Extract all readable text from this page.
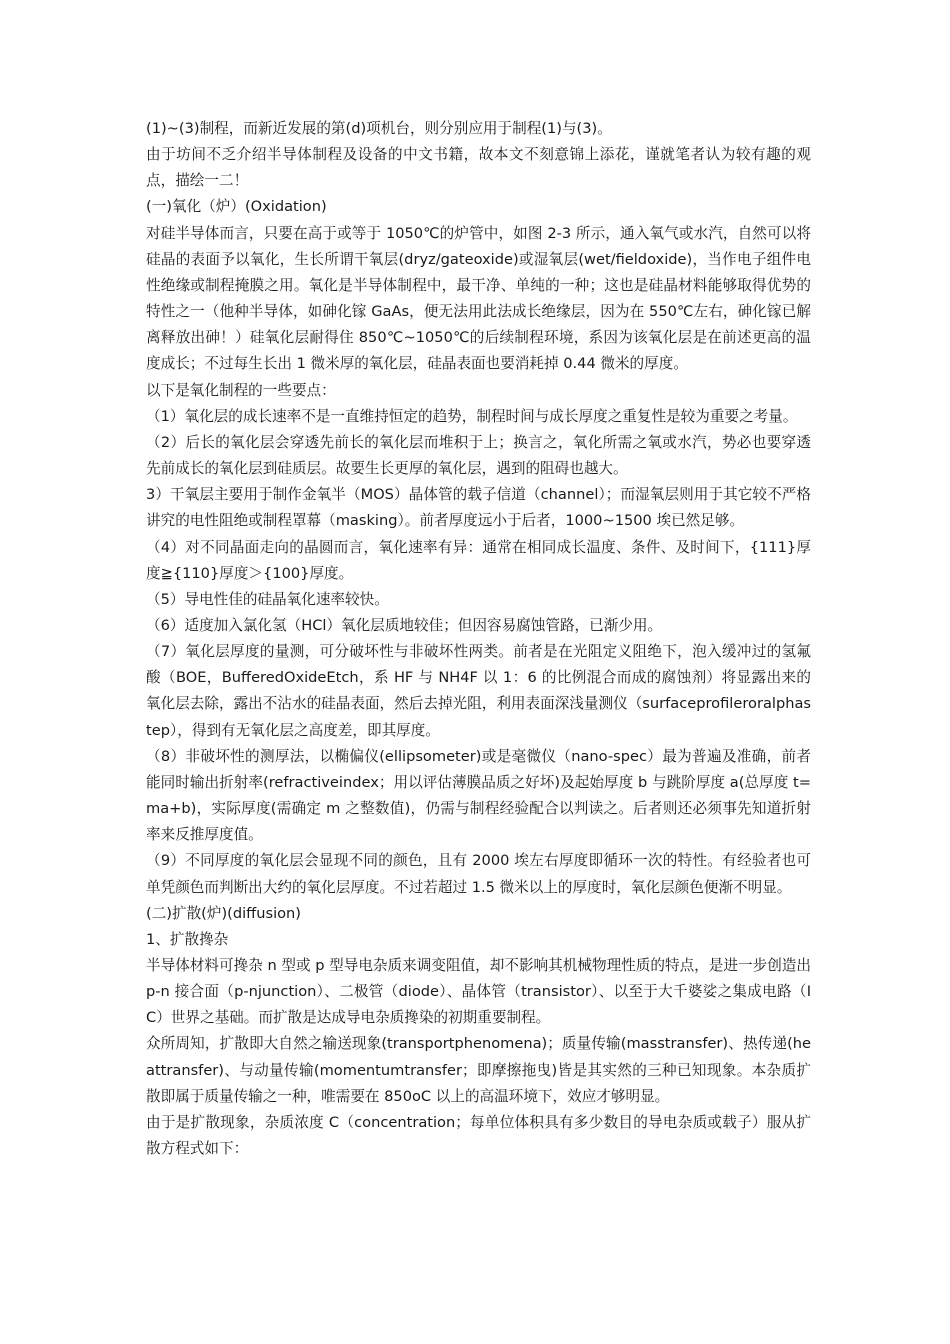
(1)~(3)制程，而新近发展的第(d)项机台，则分别应用于制程(1)与(3)。

由于坊间不乏介绍半导体制程及设备的中文书籍，故本文不刻意锦上添花，谨就笔者认为较有趣的观点，描绘一二！

(一)氧化（炉）(Oxidation)

对硅半导体而言，只要在高于或等于 1050℃的炉管中，如图 2-3 所示，通入氧气或水汽，自然可以将硅晶的表面予以氧化，生长所谓干氧层(dryz/gateoxide)或湿氧层(wet/fieldoxide)，当作电子组件电性绝缘或制程掩膜之用。氧化是半导体制程中，最干净、单纯的一种；这也是硅晶材料能够取得优势的特性之一（他种半导体，如砷化镓 GaAs，便无法用此法成长绝缘层，因为在 550℃左右，砷化镓已解离释放出砷！）硅氧化层耐得住 850℃~1050℃的后续制程环境，系因为该氧化层是在前述更高的温度成长；不过每生长出 1 微米厚的氧化层，硅晶表面也要消耗掉 0.44 微米的厚度。

以下是氧化制程的一些要点：

（1）氧化层的成长速率不是一直维持恒定的趋势，制程时间与成长厚度之重复性是较为重要之考量。

（2）后长的氧化层会穿透先前长的氧化层而堆积于上；换言之，氧化所需之氧或水汽，势必也要穿透先前成长的氧化层到硅质层。故要生长更厚的氧化层，遇到的阻碍也越大。

3）干氧层主要用于制作金氧半（MOS）晶体管的载子信道（channel）；而湿氧层则用于其它较不严格讲究的电性阻绝或制程罩幕（masking）。前者厚度远小于后者，1000~1500 埃已然足够。

（4）对不同晶面走向的晶圆而言，氧化速率有异：通常在相同成长温度、条件、及时间下，{111}厚度≧{110}厚度＞{100}厚度。

（5）导电性佳的硅晶氧化速率较快。

（6）适度加入氯化氢（HCl）氧化层质地较佳；但因容易腐蚀管路，已渐少用。

（7）氧化层厚度的量测，可分破坏性与非破坏性两类。前者是在光阻定义阻绝下，泡入缓冲过的氢氟酸（BOE，BufferedOxideEtch，系 HF 与 NH4F 以 1：6 的比例混合而成的腐蚀剂）将显露出来的氧化层去除，露出不沾水的硅晶表面，然后去掉光阻，利用表面深浅量测仪（surfaceprofileroralphastep），得到有无氧化层之高度差，即其厚度。

（8）非破坏性的测厚法，以椭偏仪(ellipsometer)或是毫微仪（nano-spec）最为普遍及准确，前者能同时输出折射率(refractiveindex；用以评估薄膜品质之好坏)及起始厚度 b 与跳阶厚度 a(总厚度 t=ma+b)，实际厚度(需确定 m 之整数值)，仍需与制程经验配合以判读之。后者则还必须事先知道折射率来反推厚度值。

（9）不同厚度的氧化层会显现不同的颜色，且有 2000 埃左右厚度即循环一次的特性。有经验者也可单凭颜色而判断出大约的氧化层厚度。不过若超过 1.5 微米以上的厚度时，氧化层颜色便渐不明显。

(二)扩散(炉)(diffusion)

1、扩散搀杂

半导体材料可搀杂 n 型或 p 型导电杂质来调变阻值，却不影响其机械物理性质的特点，是进一步创造出 p-n 接合面（p-njunction）、二极管（diode）、晶体管（transistor）、以至于大千婆娑之集成电路（IC）世界之基础。而扩散是达成导电杂质搀染的初期重要制程。

众所周知，扩散即大自然之输送现象(transportphenomena)；质量传输(masstransfer)、热传递(heattransfer)、与动量传输(momentumtransfer；即摩擦拖曳)皆是其实然的三种已知现象。本杂质扩散即属于质量传输之一种，唯需要在 850oC 以上的高温环境下，效应才够明显。

由于是扩散现象，杂质浓度 C（concentration；每单位体积具有多少数目的导电杂质或载子）服从扩散方程式如下：
